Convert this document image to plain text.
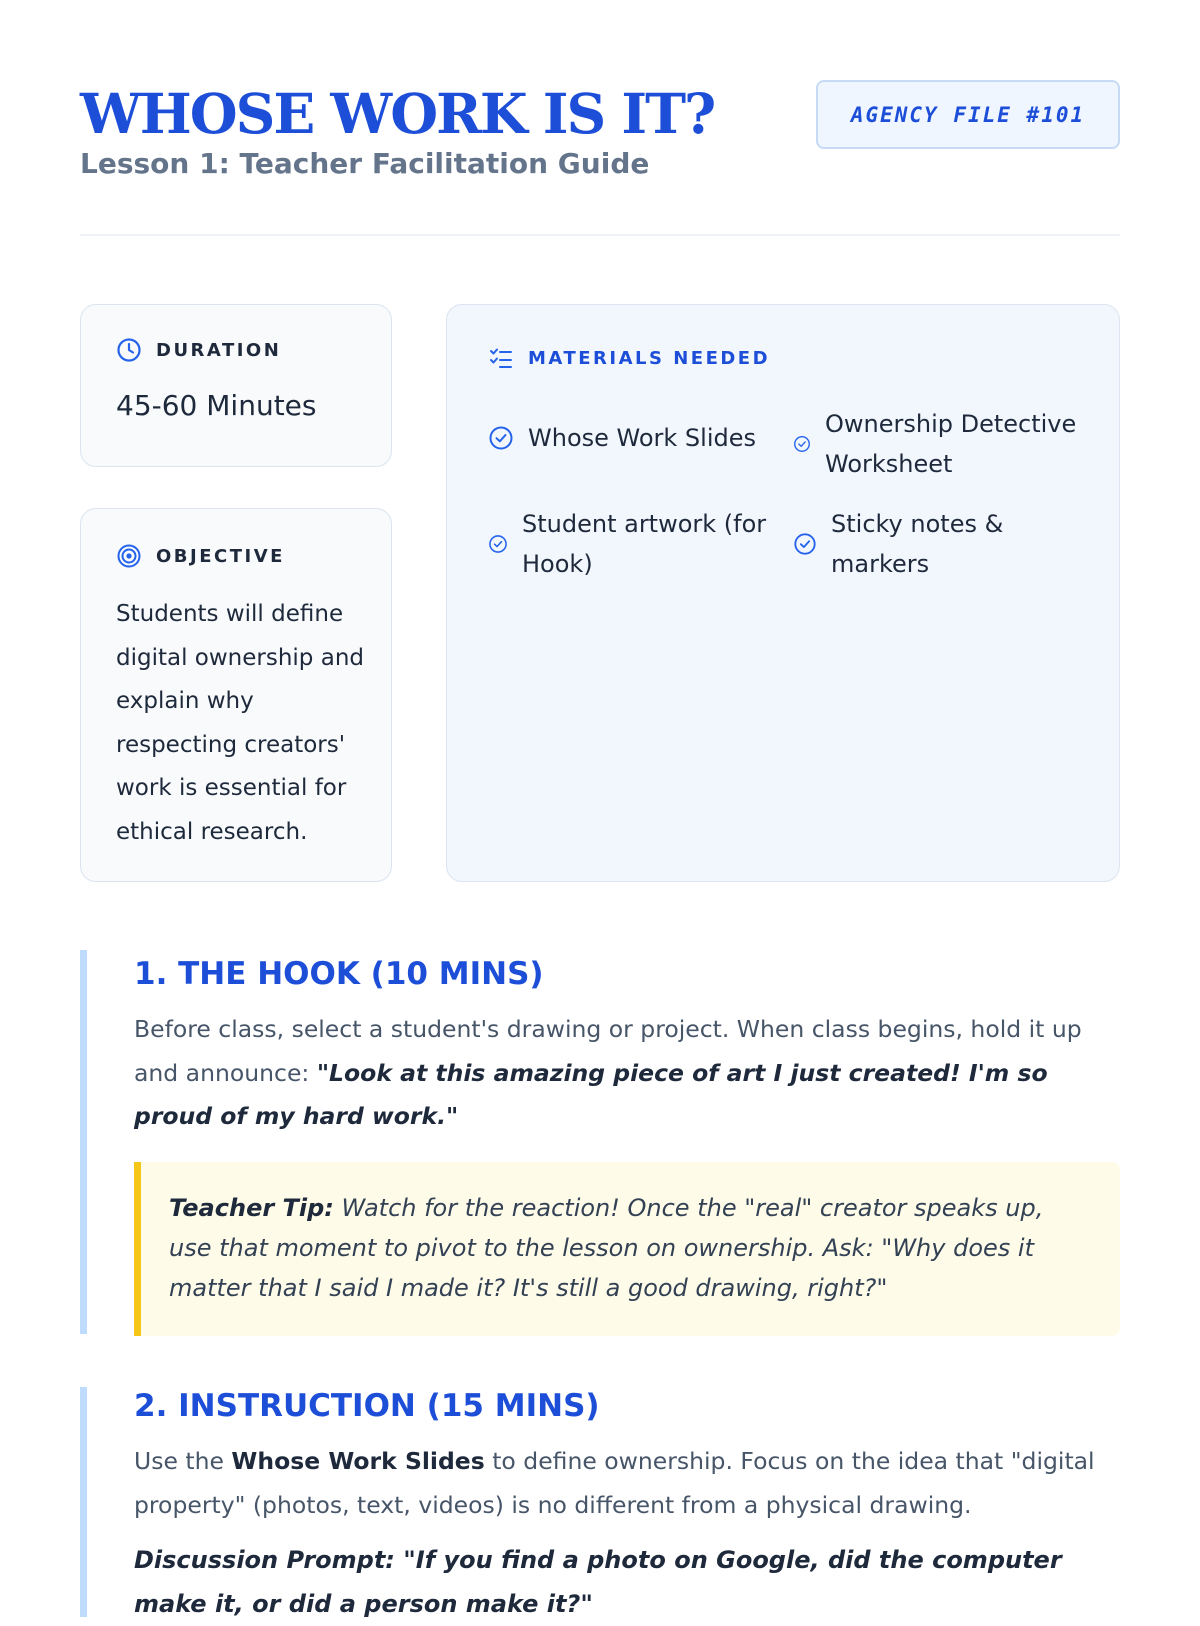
WHOSE WORK IS IT?

Lesson 1: Teacher Facilitation Guide

AGENCY FILE #101
DURATION
45-60 Minutes
OBJECTIVE
Students will define digital ownership and explain why respecting creators' work is essential for ethical research.
MATERIALS NEEDED
Whose Work Slides	Ownership Detective Worksheet
Student artwork (for Hook)
Sticky notes & markers
1. THE HOOK (10 MINS)

Before class, select a student's drawing or project. When class begins, hold it up and announce: "Look at this amazing piece of art I just created! I'm so proud of my hard work."

Teacher Tip: Watch for the reaction! Once the "real" creator speaks up, use that moment to pivot to the lesson on ownership. Ask: "Why does it matter that I said I made it? It's still a good drawing, right?"
2. INSTRUCTION (15 MINS)

Use the Whose Work Slides to define ownership. Focus on the idea that "digital property" (photos, text, videos) is no different from a physical drawing.

Discussion Prompt: "If you find a photo on Google, did the computer make it, or did a person make it?"
